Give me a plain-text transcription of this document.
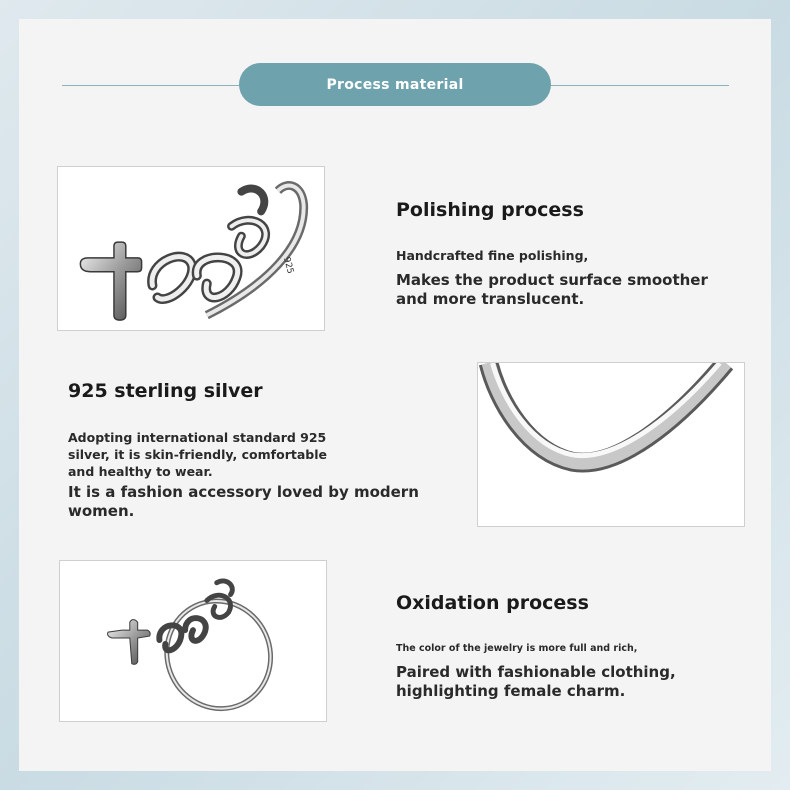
Process material
925
Polishing process
Handcrafted fine polishing,
Makes the product surface smoother
and more translucent.
925 sterling silver
Adopting international standard 925
silver, it is skin-friendly, comfortable
and healthy to wear.
It is a fashion accessory loved by modern
women.
Oxidation process
The color of the jewelry is more full and rich,
Paired with fashionable clothing,
highlighting female charm.
